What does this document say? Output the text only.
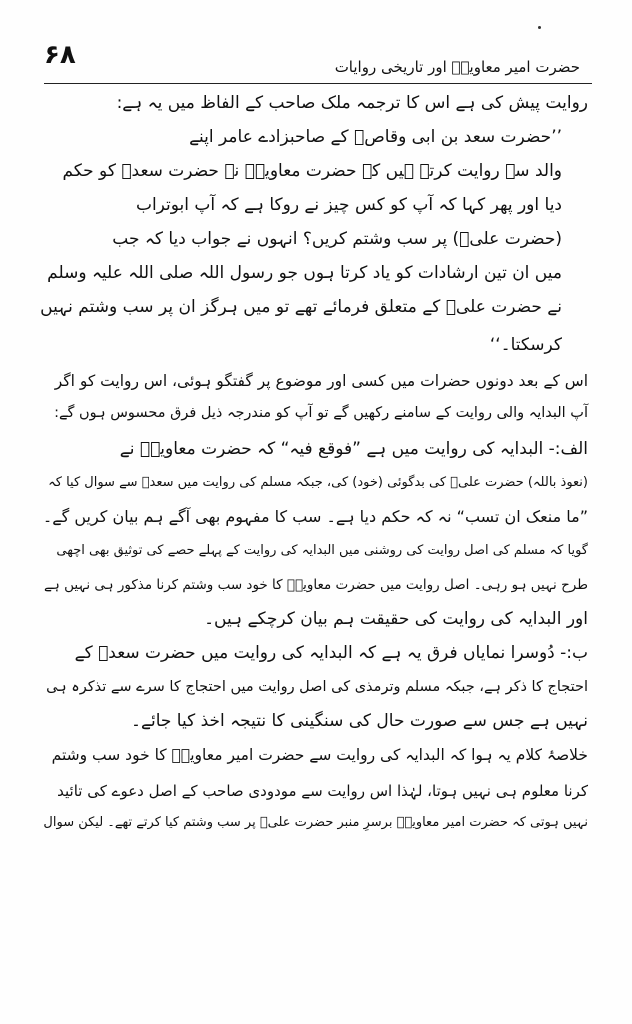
۶۸	حضرت امیر معاویہؓ اور تاریخی روایات
روایت پیش کی ہے اس کا ترجمہ ملک صاحب کے الفاظ میں یہ ہے:
’’حضرت سعد بن ابی وقاصؓ کے صاحبزادے عامر اپنے
والد سے روایت کرتے ہیں کہ حضرت معاویہؓ نے حضرت سعدؓ کو حکم
دیا اور پھر کہا کہ آپ کو کس چیز نے روکا ہے کہ آپ ابوتراب
(حضرت علیؓ) پر سب وشتم کریں؟ انہوں نے جواب دیا کہ جب
میں ان تین ارشادات کو یاد کرتا ہوں جو رسول اللہ صلی اللہ علیہ وسلم
نے حضرت علیؓ کے متعلق فرمائے تھے تو میں ہرگز ان پر سب وشتم نہیں
کرسکتا۔‘‘
اس کے بعد دونوں حضرات میں کسی اور موضوع پر گفتگو ہوئی، اس روایت کو اگر
آپ البدایہ والی روایت کے سامنے رکھیں گے تو آپ کو مندرجہ ذیل فرق محسوس ہوں گے:
الف:- البدایہ کی روایت میں ہے ”فوقع فیہ“ کہ حضرت معاویہؓ نے
(نعوذ باللہ) حضرت علیؓ کی بدگوئی (خود) کی، جبکہ مسلم کی روایت میں سعدؓ سے سوال کیا کہ
”ما منعک ان تسب“ نہ کہ حکم دیا ہے۔ سب کا مفہوم بھی آگے ہم بیان کریں گے۔
گویا کہ مسلم کی اصل روایت کی روشنی میں البدایہ کی روایت کے پہلے حصے کی توثیق بھی اچھی
طرح نہیں ہو رہی۔ اصل روایت میں حضرت معاویہؓ کا خود سب وشتم کرنا مذکور ہی نہیں ہے
اور البدایہ کی روایت کی حقیقت ہم بیان کرچکے ہیں۔
ب:- دُوسرا نمایاں فرق یہ ہے کہ البدایہ کی روایت میں حضرت سعدؓ کے
احتجاج کا ذکر ہے، جبکہ مسلم وترمذی کی اصل روایت میں احتجاج کا سرے سے تذکرہ ہی
نہیں ہے جس سے صورت حال کی سنگینی کا نتیجہ اخذ کیا جائے۔
خلاصۂ کلام یہ ہوا کہ البدایہ کی روایت سے حضرت امیر معاویہؓ کا خود سب وشتم
کرنا معلوم ہی نہیں ہوتا، لہٰذا اس روایت سے مودودی صاحب کے اصل دعوے کی تائید
نہیں ہوتی کہ حضرت امیر معاویہؓ برسرِ منبر حضرت علیؓ پر سب وشتم کیا کرتے تھے۔ لیکن سوال
